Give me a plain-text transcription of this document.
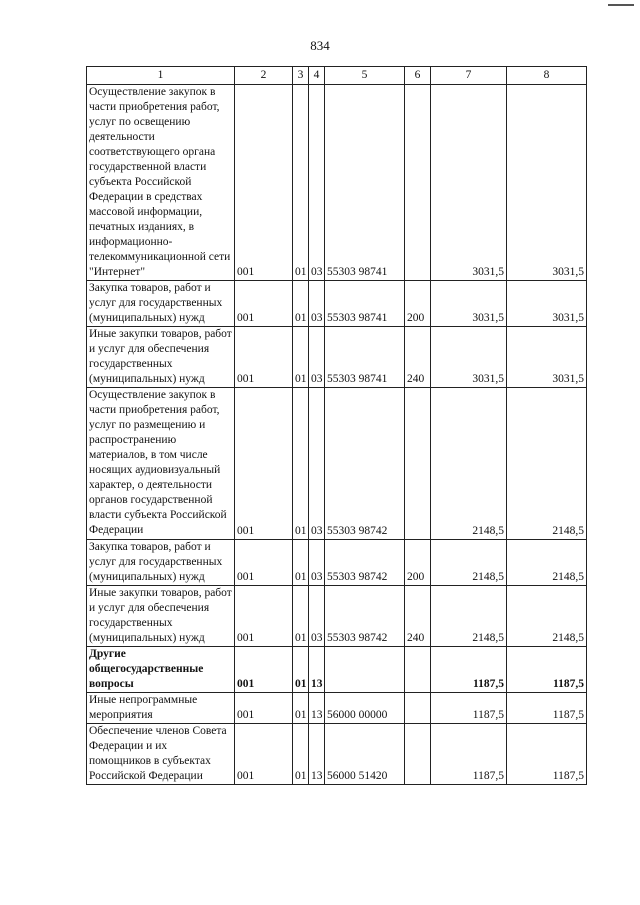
834
1	2	3	4	5	6	7	8
Осуществление закупок в части приобретения работ, услуг по освещению деятельности соответствующего органа государственной власти субъекта Российской Федерации в средствах массовой информации, печатных изданиях, в информационно-телекоммуникационной сети "Интернет"	001	01	03	55303 98741		3031,5	3031,5
Закупка товаров, работ и услуг для государственных (муниципальных) нужд	001	01	03	55303 98741	200	3031,5	3031,5
Иные закупки товаров, работ и услуг для обеспечения государственных (муниципальных) нужд	001	01	03	55303 98741	240	3031,5	3031,5
Осуществление закупок в части приобретения работ, услуг по размещению и распространению материалов, в том числе носящих аудиовизуальный характер, о деятельности органов государственной власти субъекта Российской Федерации	001	01	03	55303 98742		2148,5	2148,5
Закупка товаров, работ и услуг для государственных (муниципальных) нужд	001	01	03	55303 98742	200	2148,5	2148,5
Иные закупки товаров, работ и услуг для обеспечения государственных (муниципальных) нужд	001	01	03	55303 98742	240	2148,5	2148,5
Другие общегосударственные вопросы	001	01	13			1187,5	1187,5
Иные непрограммные мероприятия	001	01	13	56000 00000		1187,5	1187,5
Обеспечение членов Совета Федерации и их помощников в субъектах Российской Федерации	001	01	13	56000 51420		1187,5	1187,5
